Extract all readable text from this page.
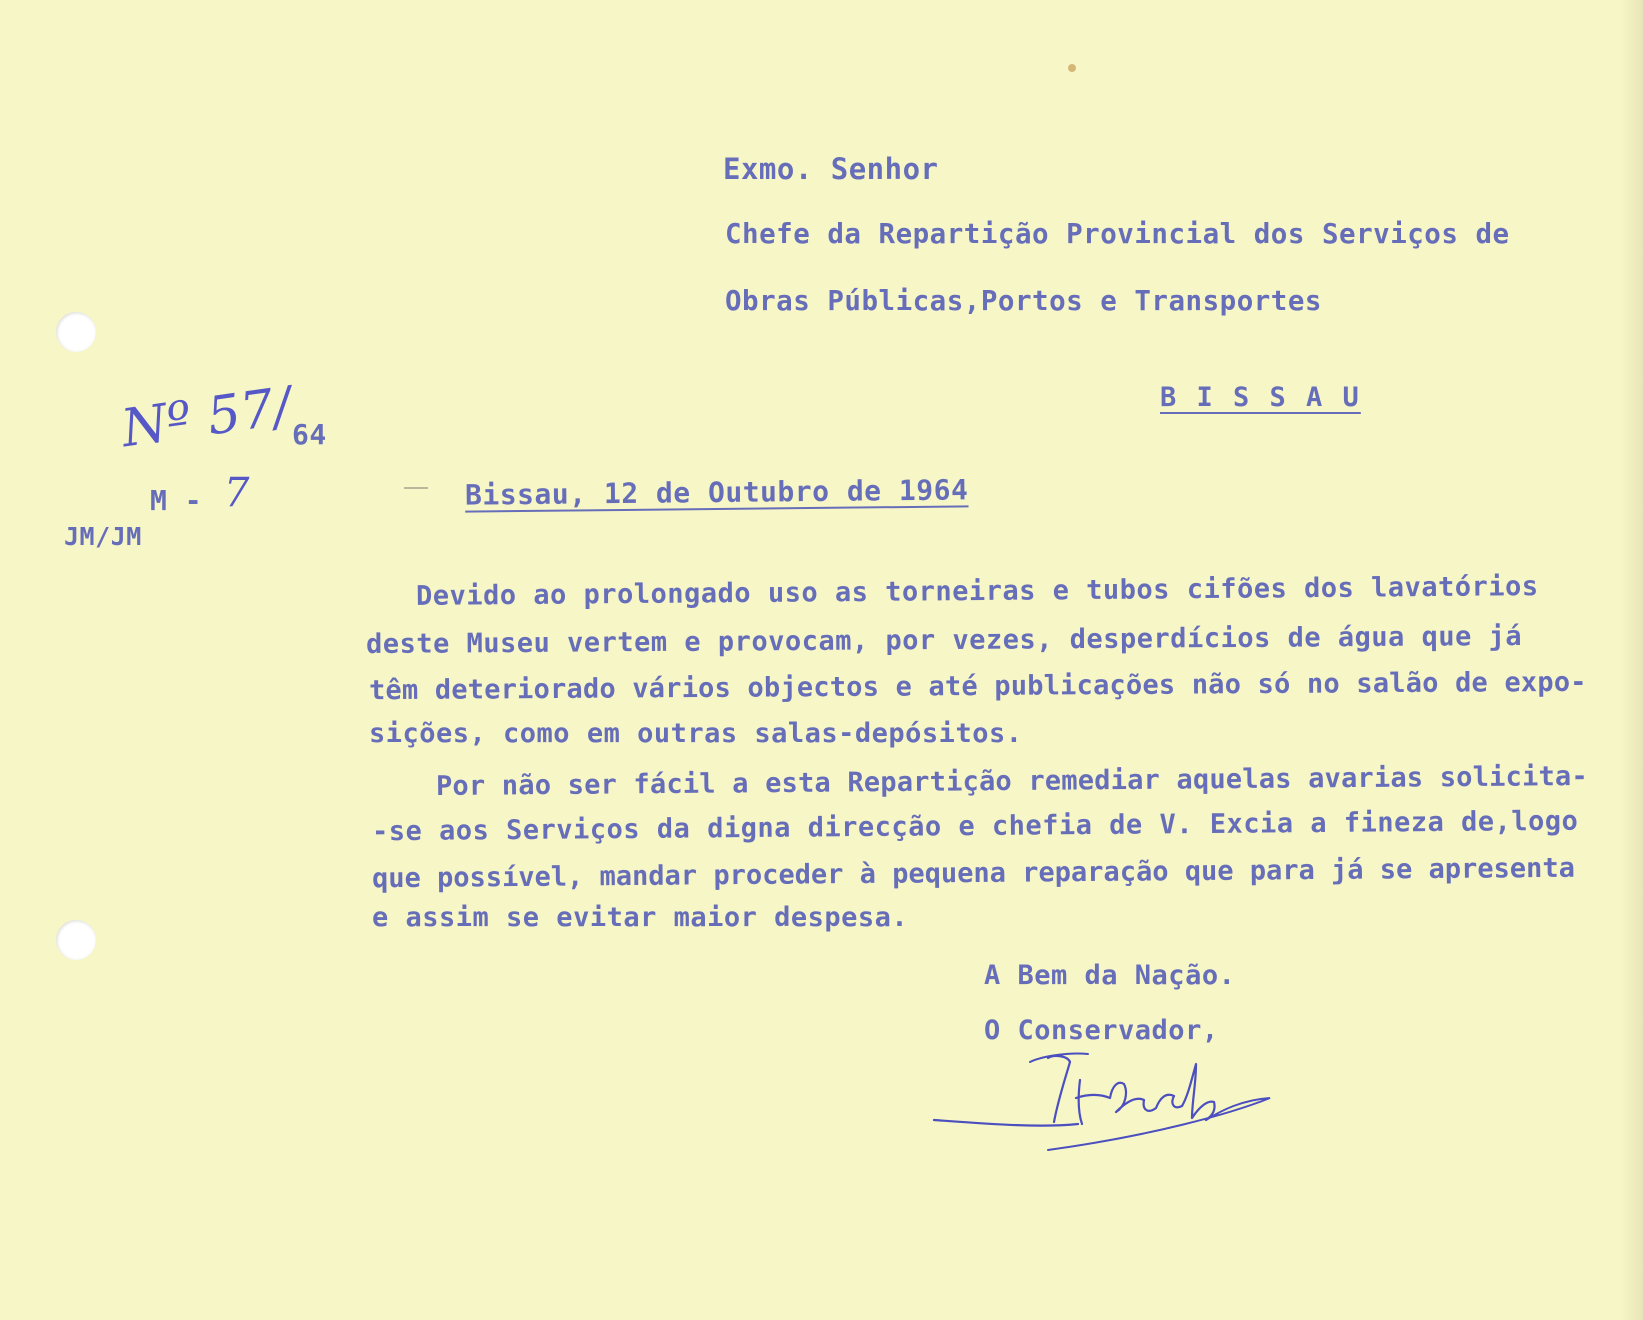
Exmo. Senhor
Chefe da Repartição Provincial dos Serviços de
Obras Públicas,Portos e Transportes
B I S S A U
Nº 57/
64
M - 7
JM/JM
Bissau, 12 de Outubro de 1964
Devido ao prolongado uso as torneiras e tubos cifões dos lavatórios
deste Museu vertem e provocam, por vezes, desperdícios de água que já
têm deteriorado vários objectos e até publicações não só no salão de expo-
sições, como em outras salas-depósitos.
Por não ser fácil a esta Repartição remediar aquelas avarias solicita-
-se aos Serviços da digna direcção e chefia de V. Excia a fineza de,logo
que possível, mandar proceder à pequena reparação que para já se apresenta
e assim se evitar maior despesa.
A Bem da Nação.
O Conservador,
